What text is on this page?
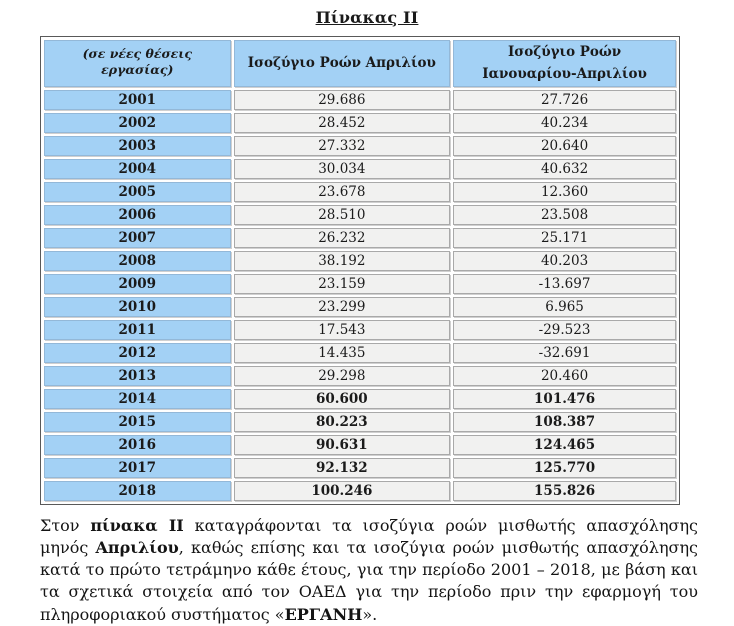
Πίνακας II
(σε νέες θέσεις εργασίας)	Ισοζύγιο Ροών Απριλίου	Ισοζύγιο Ροών
Ιανουαρίου-Απριλίου

2001	29.686	27.726
2002	28.452	40.234
2003	27.332	20.640
2004	30.034	40.632
2005	23.678	12.360
2006	28.510	23.508
2007	26.232	25.171
2008	38.192	40.203
2009	23.159	-13.697
2010	23.299	6.965
2011	17.543	-29.523
2012	14.435	-32.691
2013	29.298	20.460
2014	60.600	101.476
2015	80.223	108.387
2016	90.631	124.465
2017	92.132	125.770
2018	100.246	155.826

Στον πίνακα ΙΙ καταγράφονται τα ισοζύγια ροών μισθωτής απασχόλησης μηνός Απριλίου, καθώς επίσης και τα ισοζύγια ροών μισθωτής απασχόλησης κατά το πρώτο τετράμηνο κάθε έτους, για την περίοδο 2001 – 2018, με βάση και τα σχετικά στοιχεία από τον ΟΑΕΔ για την περίοδο πριν την εφαρμογή του πληροφοριακού συστήματος «ΕΡΓΑΝΗ».
